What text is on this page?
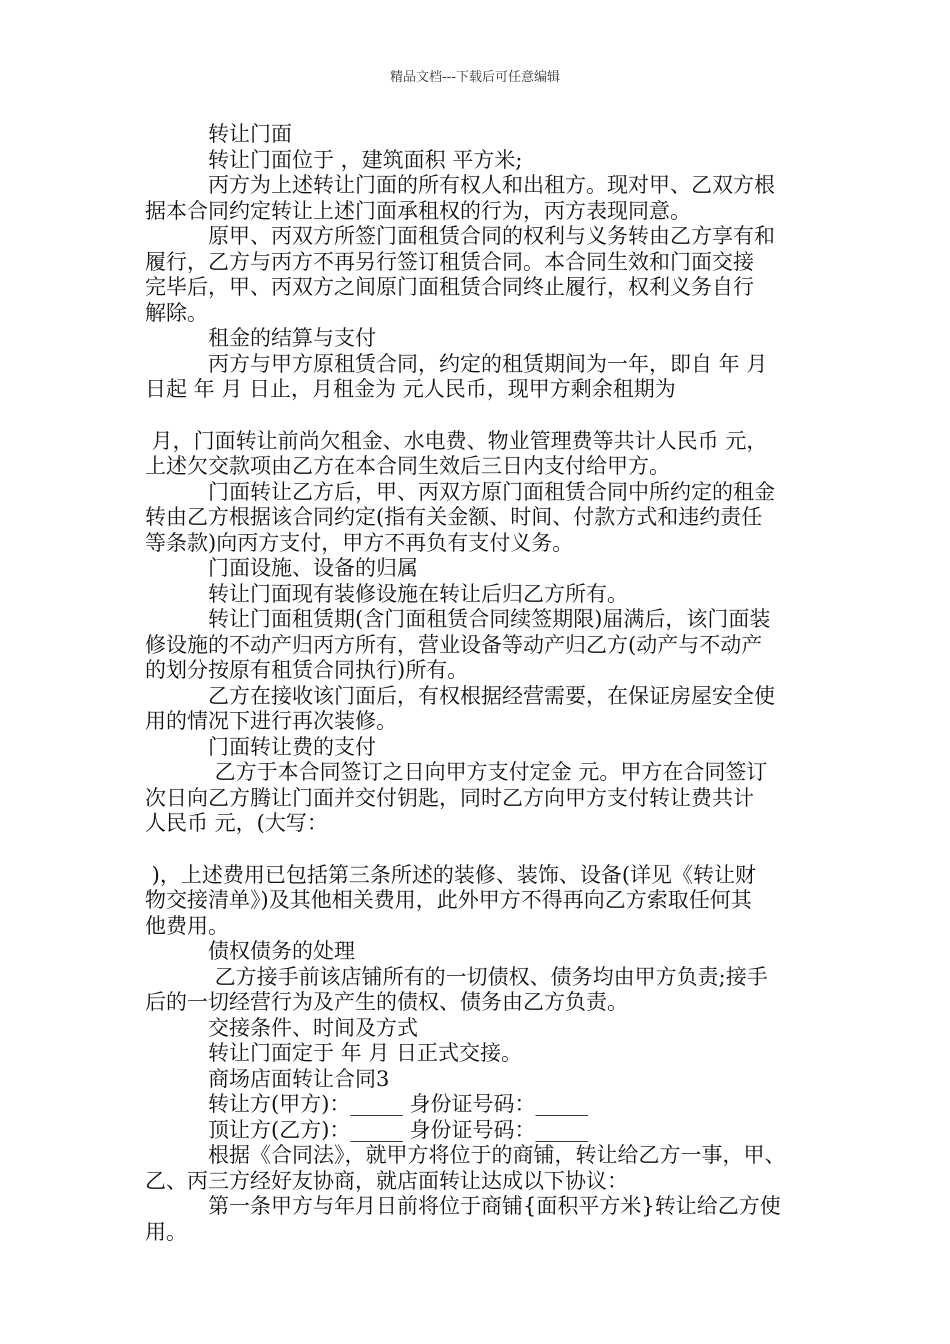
精品文档---下载后可任意编辑
　　　转让门面
　　　转让门面位于 ，建筑面积 平方米;
　　　丙方为上述转让门面的所有权人和出租方。现对甲、乙双方根
据本合同约定转让上述门面承租权的行为，丙方表现同意。
　　　原甲、丙双方所签门面租赁合同的权利与义务转由乙方享有和
履行，乙方与丙方不再另行签订租赁合同。本合同生效和门面交接
完毕后，甲、丙双方之间原门面租赁合同终止履行，权利义务自行
解除。
　　　租金的结算与支付
　　　丙方与甲方原租赁合同，约定的租赁期间为一年，即自 年 月
日起 年 月 日止，月租金为 元人民币，现甲方剩余租期为
月，门面转让前尚欠租金、水电费、物业管理费等共计人民币 元，
上述欠交款项由乙方在本合同生效后三日内支付给甲方。
　　　门面转让乙方后，甲、丙双方原门面租赁合同中所约定的租金
转由乙方根据该合同约定(指有关金额、时间、付款方式和违约责任
等条款)向丙方支付，甲方不再负有支付义务。
　　　门面设施、设备的归属
　　　转让门面现有装修设施在转让后归乙方所有。
　　　转让门面租赁期(含门面租赁合同续签期限)届满后，该门面装
修设施的不动产归丙方所有，营业设备等动产归乙方(动产与不动产
的划分按原有租赁合同执行)所有。
　　　乙方在接收该门面后，有权根据经营需要，在保证房屋安全使
用的情况下进行再次装修。
　　　门面转让费的支付
　　　 乙方于本合同签订之日向甲方支付定金 元。甲方在合同签订
次日向乙方腾让门面并交付钥匙，同时乙方向甲方支付转让费共计
人民币 元，(大写：
)，上述费用已包括第三条所述的装修、装饰、设备(详见《转让财
物交接清单》)及其他相关费用，此外甲方不得再向乙方索取任何其
他费用。
　　　债权债务的处理
　　　 乙方接手前该店铺所有的一切债权、债务均由甲方负责;接手
后的一切经营行为及产生的债权、债务由乙方负责。
　　　交接条件、时间及方式
　　　转让门面定于 年 月 日正式交接。
　　　商场店面转让合同3
　　　转让方(甲方)：_____ 身份证号码：_____
　　　顶让方(乙方)：_____ 身份证号码：_____
　　　根据《合同法》，就甲方将位于的商铺，转让给乙方一事，甲、
乙、丙三方经好友协商，就店面转让达成以下协议：
　　　第一条甲方与年月日前将位于商铺{面积平方米}转让给乙方使
用。
